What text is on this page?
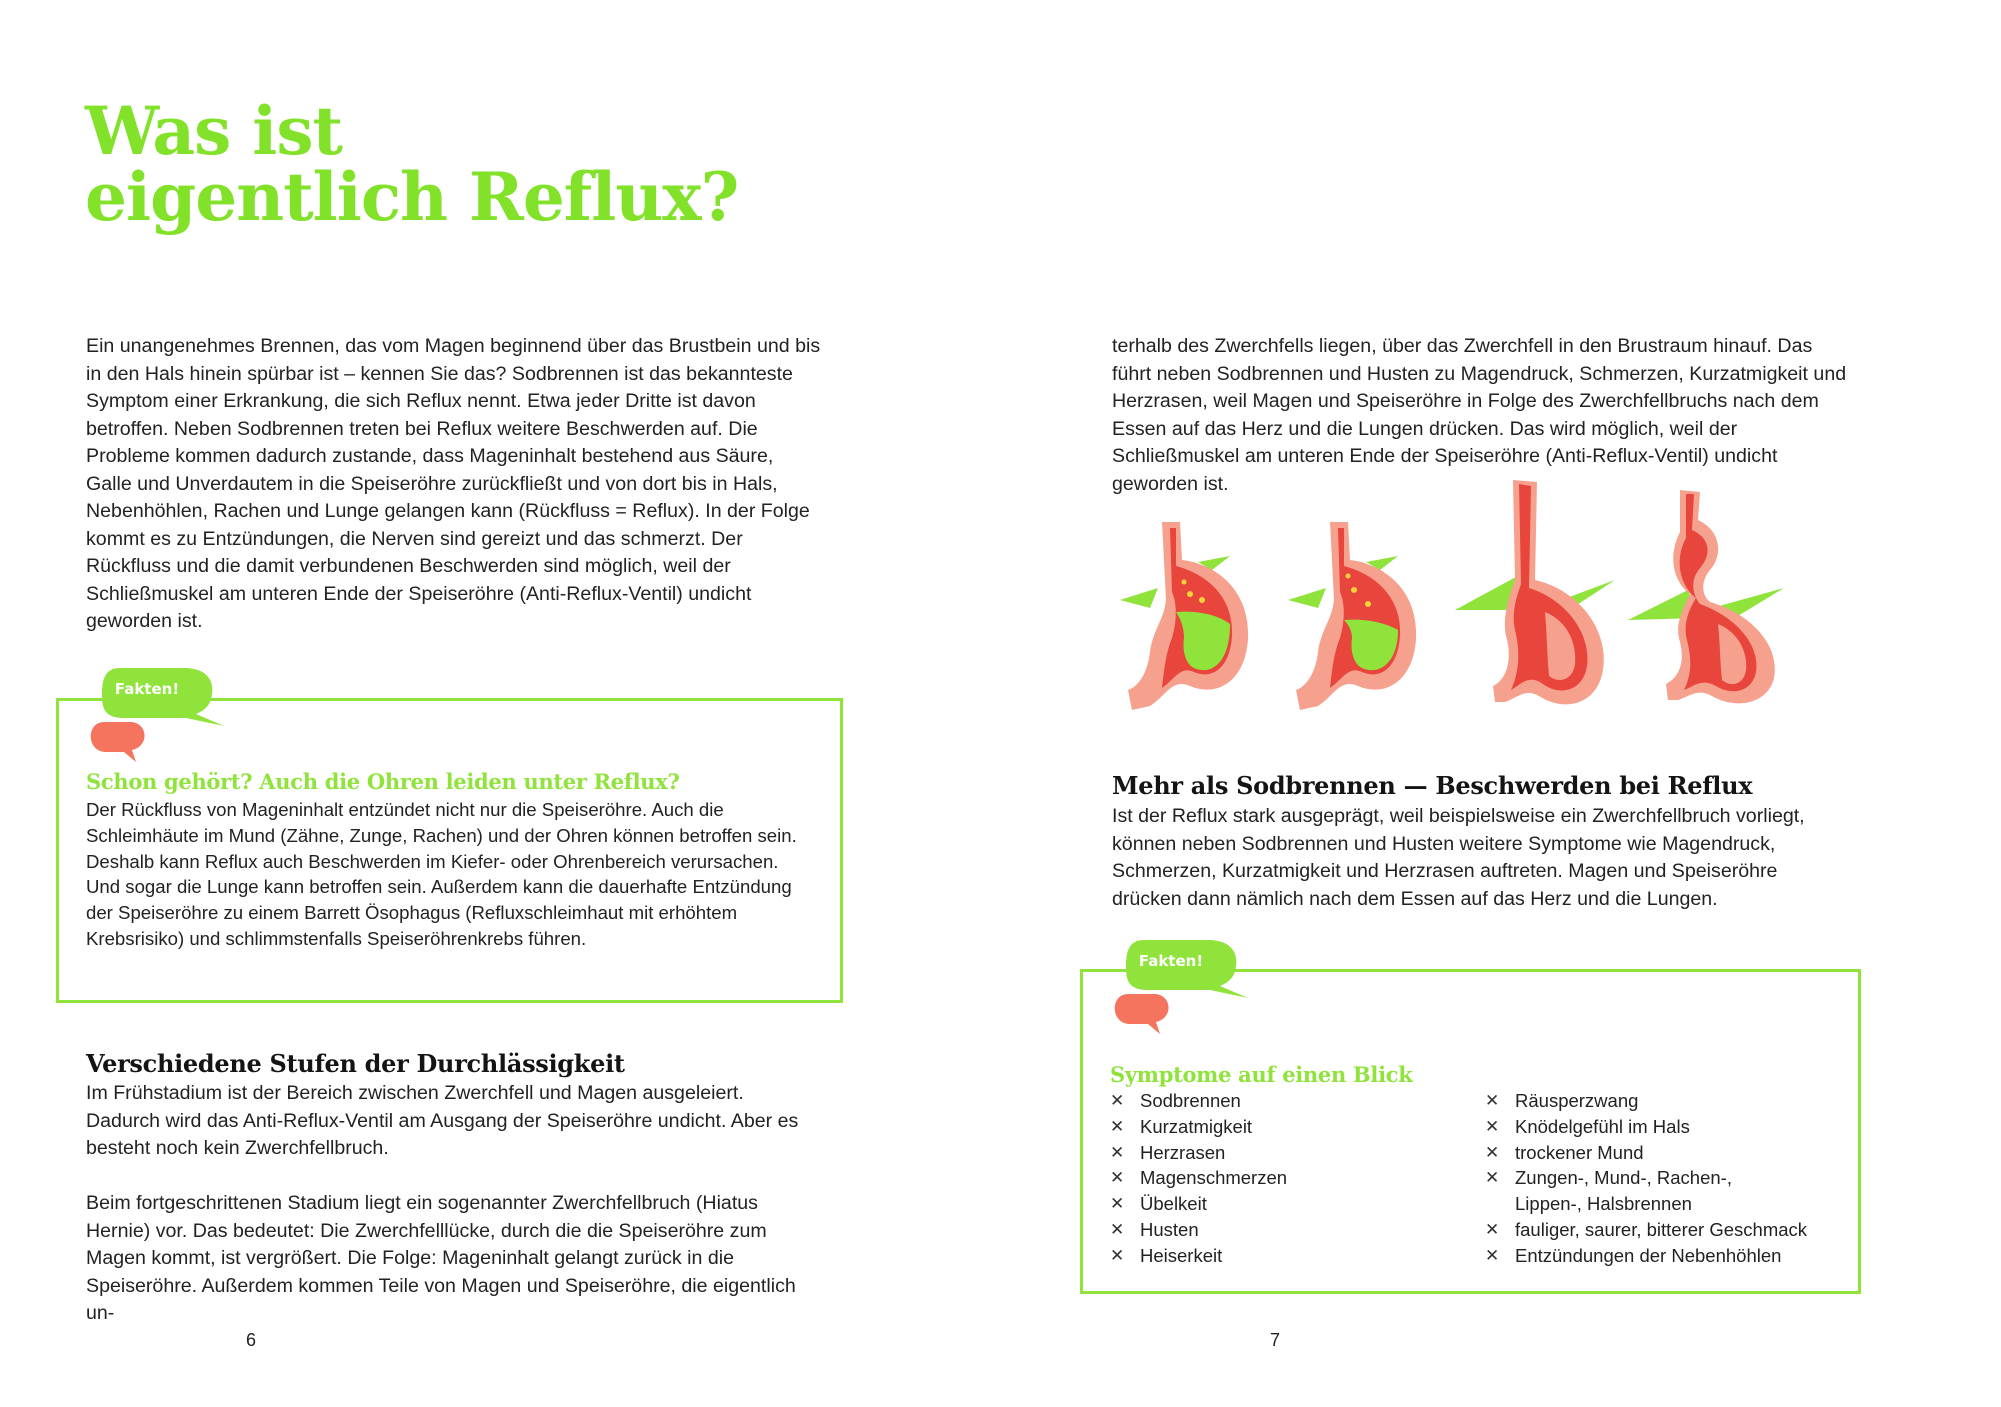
Was ist
eigentlich Reflux?

Ein unangenehmes Brennen, das vom Magen beginnend über das Brustbein und bis in den Hals hinein spürbar ist – kennen Sie das? Sodbrennen ist das bekannteste Symptom einer Erkrankung, die sich Reflux nennt. Etwa jeder Dritte ist davon betroffen. Neben Sodbrennen treten bei Reflux weitere Beschwerden auf. Die Probleme kommen dadurch zustande, dass Mageninhalt bestehend aus Säure, Galle und Unverdautem in die Speiseröhre zurückfließt und von dort bis in Hals, Nebenhöhlen, Rachen und Lunge gelangen kann (Rückfluss = Reflux). In der Folge kommt es zu Entzündungen, die Nerven sind gereizt und das schmerzt. Der Rückfluss und die damit verbundenen Beschwerden sind möglich, weil der Schließmuskel am unteren Ende der Speiseröhre (Anti-Reflux-Ventil) undicht geworden ist.

Fakten!
Schon gehört? Auch die Ohren leiden unter Reflux?

Der Rückfluss von Mageninhalt entzündet nicht nur die Speiseröhre. Auch die Schleimhäute im Mund (Zähne, Zunge, Rachen) und der Ohren können betroffen sein. Deshalb kann Reflux auch Beschwerden im Kiefer- oder Ohrenbereich verursachen. Und sogar die Lunge kann betroffen sein. Außerdem kann die dauerhafte Entzündung der Speiseröhre zu einem Barrett Ösophagus (Refluxschleimhaut mit erhöhtem Krebsrisiko) und schlimmstenfalls Speiseröhrenkrebs führen.

Verschiedene Stufen der Durchlässigkeit

Im Frühstadium ist der Bereich zwischen Zwerchfell und Magen ausgeleiert. Dadurch wird das Anti-Reflux-Ventil am Ausgang der Speiseröhre undicht. Aber es besteht noch kein Zwerchfellbruch.

Beim fortgeschrittenen Stadium liegt ein sogenannter Zwerchfellbruch (Hiatus Hernie) vor. Das bedeutet: Die Zwerchfelllücke, durch die die Speiseröhre zum Magen kommt, ist vergrößert. Die Folge: Mageninhalt gelangt zurück in die Speiseröhre. Außerdem kommen Teile von Magen und Speiseröhre, die eigentlich un-

6

terhalb des Zwerchfells liegen, über das Zwerchfell in den Brustraum hinauf. Das führt neben Sodbrennen und Husten zu Magendruck, Schmerzen, Kurzatmigkeit und Herzrasen, weil Magen und Speiseröhre in Folge des Zwerchfellbruchs nach dem Essen auf das Herz und die Lungen drücken. Das wird möglich, weil der Schließmuskel am unteren Ende der Speiseröhre (Anti-Reflux-Ventil) undicht geworden ist.

Mehr als Sodbrennen — Beschwerden bei Reflux

Ist der Reflux stark ausgeprägt, weil beispielsweise ein Zwerchfellbruch vorliegt, können neben Sodbrennen und Husten weitere Symptome wie Magendruck, Schmerzen, Kurzatmigkeit und Herzrasen auftreten. Magen und Speiseröhre drücken dann nämlich nach dem Essen auf das Herz und die Lungen.

Fakten!
Symptome auf einen Blick
✕ Sodbrennen
✕ Kurzatmigkeit
✕ Herzrasen
✕ Magenschmerzen
✕ Übelkeit
✕ Husten
✕ Heiserkeit
✕ Räusperzwang
✕ Knödelgefühl im Hals
✕ trockener Mund
✕ Zungen-, Mund-, Rachen-, Lippen-, Halsbrennen
✕ fauliger, saurer, bitterer Geschmack
✕ Entzündungen der Nebenhöhlen
7
